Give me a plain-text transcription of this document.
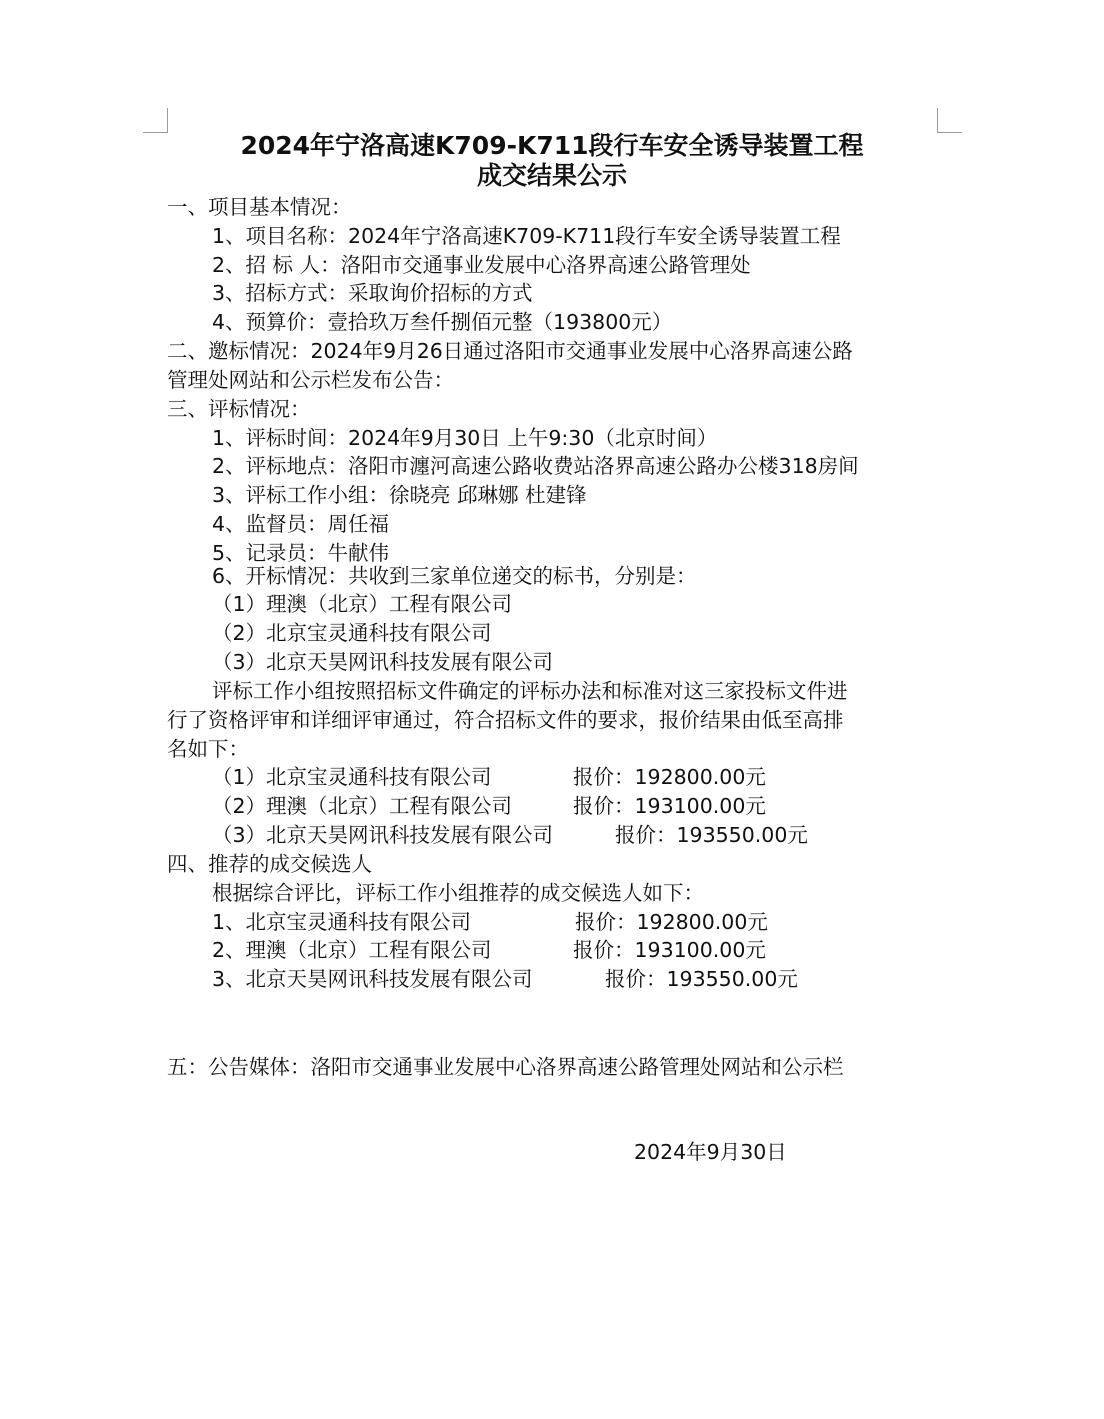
2024年宁洛高速K709-K711段行车安全诱导装置工程
成交结果公示
一、项目基本情况：
1、项目名称：2024年宁洛高速K709-K711段行车安全诱导装置工程
2、招 标 人：洛阳市交通事业发展中心洛界高速公路管理处
3、招标方式：采取询价招标的方式
4、预算价：壹拾玖万叁仟捌佰元整（193800元）
二、邀标情况：2024年9月26日通过洛阳市交通事业发展中心洛界高速公路
管理处网站和公示栏发布公告：
三、评标情况：
1、评标时间：2024年9月30日 上午9:30（北京时间）
2、评标地点：洛阳市瀍河高速公路收费站洛界高速公路办公楼318房间
3、评标工作小组：徐晓亮 邱琳娜 杜建锋
4、监督员：周任福
5、记录员：牛献伟
6、开标情况：共收到三家单位递交的标书，分别是：
（1）理澳（北京）工程有限公司
（2）北京宝灵通科技有限公司
（3）北京天昊网讯科技发展有限公司
评标工作小组按照招标文件确定的评标办法和标准对这三家投标文件进
行了资格评审和详细评审通过，符合招标文件的要求，报价结果由低至高排
名如下：
（1）北京宝灵通科技有限公司	报价：192800.00元
（2）理澳（北京）工程有限公司	报价：193100.00元
（3）北京天昊网讯科技发展有限公司	报价：193550.00元
四、推荐的成交候选人
根据综合评比，评标工作小组推荐的成交候选人如下：
1、北京宝灵通科技有限公司	报价：192800.00元
2、理澳（北京）工程有限公司	报价：193100.00元
3、北京天昊网讯科技发展有限公司	报价：193550.00元
五：公告媒体：洛阳市交通事业发展中心洛界高速公路管理处网站和公示栏
2024年9月30日
